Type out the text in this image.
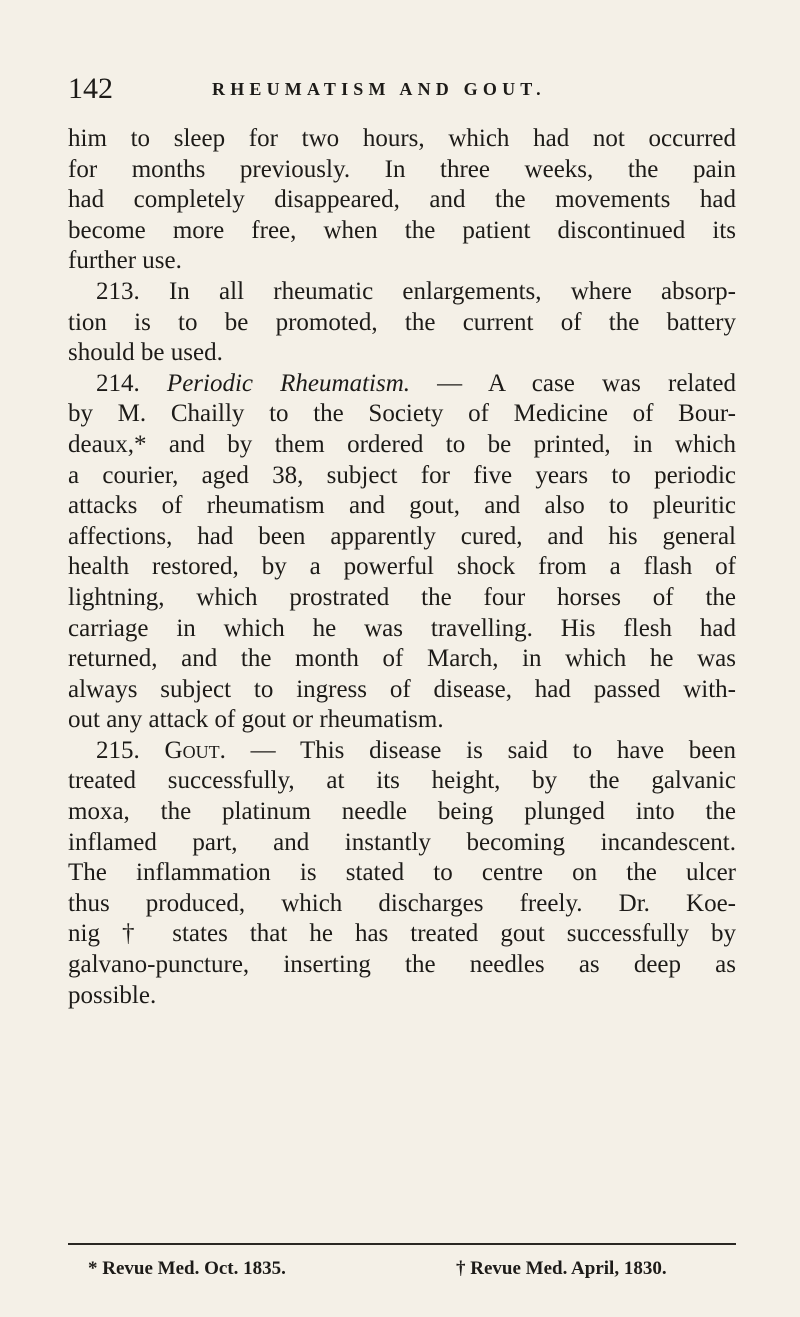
142	RHEUMATISM AND GOUT.
him to sleep for two hours, which had not occurred
for months previously. In three weeks, the pain
had completely disappeared, and the movements had
become more free, when the patient discontinued its
further use.
213. In all rheumatic enlargements, where absorp-
tion is to be promoted, the current of the battery
should be used.
214. Periodic Rheumatism. — A case was related
by M. Chailly to the Society of Medicine of Bour-
deaux,* and by them ordered to be printed, in which
a courier, aged 38, subject for five years to periodic
attacks of rheumatism and gout, and also to pleuritic
affections, had been apparently cured, and his general
health restored, by a powerful shock from a flash of
lightning, which prostrated the four horses of the
carriage in which he was travelling. His flesh had
returned, and the month of March, in which he was
always subject to ingress of disease, had passed with-
out any attack of gout or rheumatism.
215. Gout. — This disease is said to have been
treated successfully, at its height, by the galvanic
moxa, the platinum needle being plunged into the
inflamed part, and instantly becoming incandescent.
The inflammation is stated to centre on the ulcer
thus produced, which discharges freely. Dr. Koe-
nig † states that he has treated gout successfully by
galvano-puncture, inserting the needles as deep as
possible.
* Revue Med. Oct. 1835.	† Revue Med. April, 1830.
